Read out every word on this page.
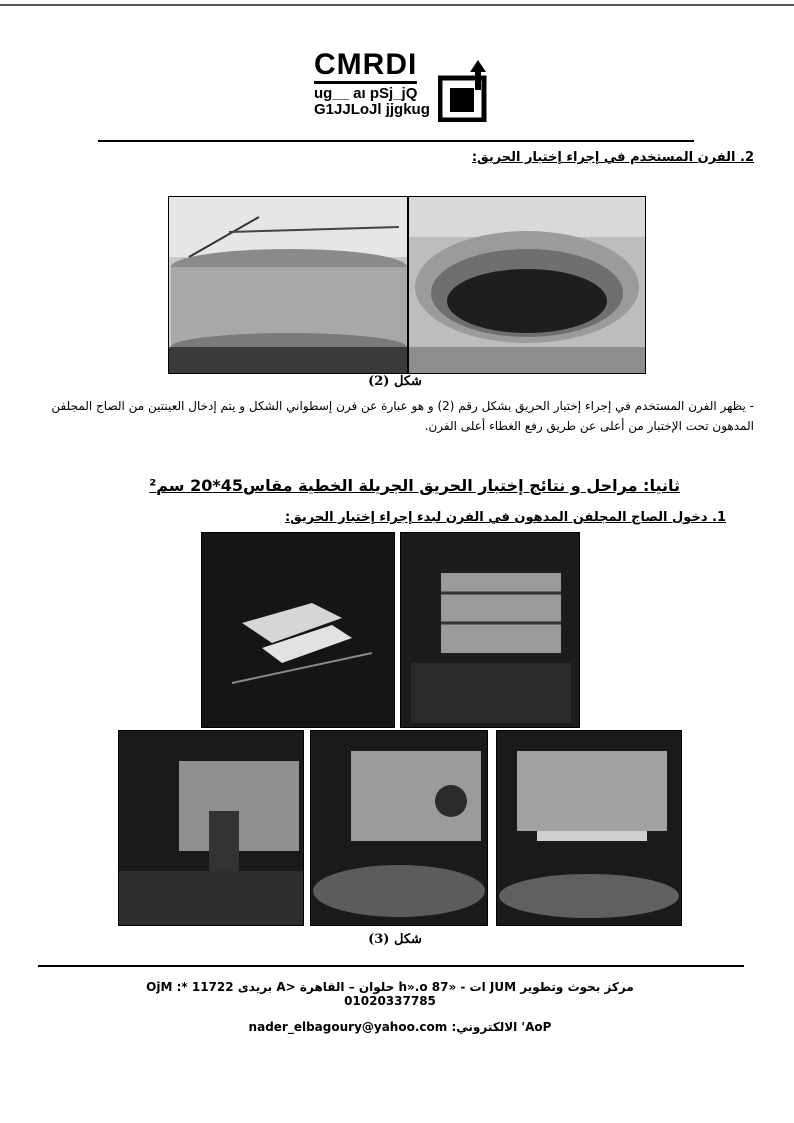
CMRDI
ug__ aı pSj_jQ
G1JJLoJl jjgkug
2. الفرن المستخدم في إجراء إختبار الحريق:
شكل (2)
- يظهر الفرن المستخدم في إجراء إختبار الحريق بشكل رقم (2) و هو عبارة عن فرن إسطواني الشكل و يتم إدخال العينتين من الصاج المجلفن المدهون تحت الإختبار من أعلى عن طريق رفع الغطاء أعلى الفرن.
ثانيا: مراحل و نتائج إختبار الحريق الجريلة الخطية مقاس45*20 سم²
1. دخول الصاج المجلفن المدهون في الفرن لبدء إجراء إختبار الحريق:
شكل (3)
مركز بحوث وتطوير JUM ات - «h».o 87 حلوان – القاهرة <A بريدى 11722 *OjM : 01020337785
AoP' الالكتروني: nader_elbagoury@yahoo.com
